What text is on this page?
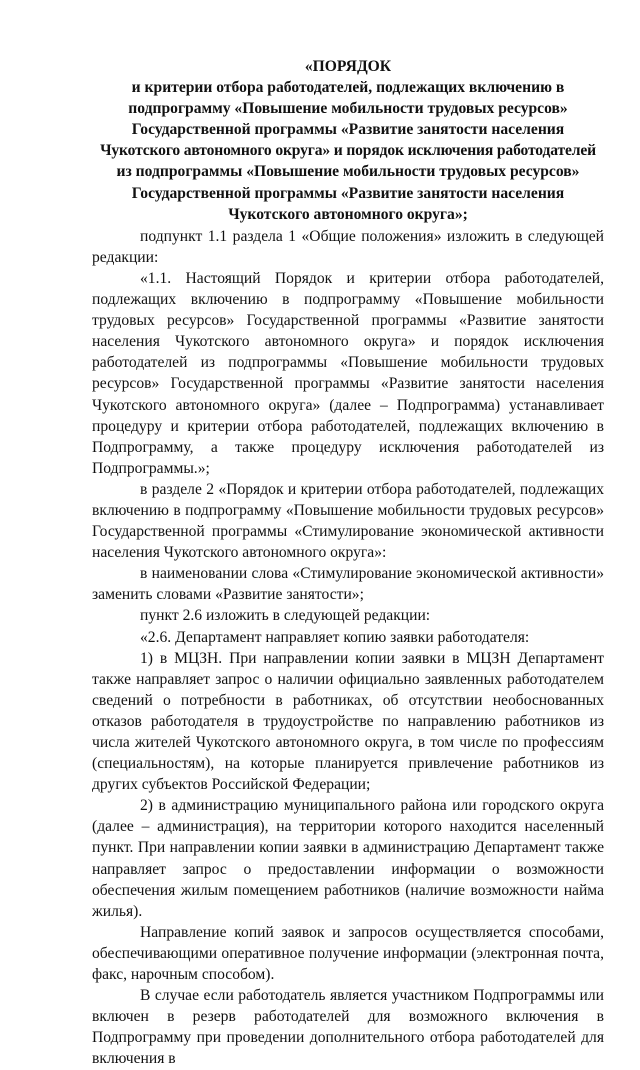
«ПОРЯДОК
и критерии отбора работодателей, подлежащих включению в
подпрограмму «Повышение мобильности трудовых ресурсов»
Государственной программы «Развитие занятости населения
Чукотского автономного округа» и порядок исключения работодателей
из подпрограммы «Повышение мобильности трудовых ресурсов»
Государственной программы «Развитие занятости населения
Чукотского автономного округа»;

подпункт 1.1 раздела 1 «Общие положения» изложить в следующей редакции:

«1.1. Настоящий Порядок и критерии отбора работодателей, подлежащих включению в подпрограмму «Повышение мобильности трудовых ресурсов» Государственной программы «Развитие занятости населения Чукотского автономного округа» и порядок исключения работодателей из подпрограммы «Повышение мобильности трудовых ресурсов» Государственной программы «Развитие занятости населения Чукотского автономного округа» (далее – Подпрограмма) устанавливает процедуру и критерии отбора работодателей, подлежащих включению в Подпрограмму, а также процедуру исключения работодателей из Подпрограммы.»;

в разделе 2 «Порядок и критерии отбора работодателей, подлежащих включению в подпрограмму «Повышение мобильности трудовых ресурсов» Государственной программы «Стимулирование экономической активности населения Чукотского автономного округа»:

в наименовании слова «Стимулирование экономической активности» заменить словами «Развитие занятости»;

пункт 2.6 изложить в следующей редакции:

«2.6. Департамент направляет копию заявки работодателя:

1) в МЦЗН. При направлении копии заявки в МЦЗН Департамент также направляет запрос о наличии официально заявленных работодателем сведений о потребности в работниках, об отсутствии необоснованных отказов работодателя в трудоустройстве по направлению работников из числа жителей Чукотского автономного округа, в том числе по профессиям (специальностям), на которые планируется привлечение работников из других субъектов Российской Федерации;

2) в администрацию муниципального района или городского округа (далее – администрация), на территории которого находится населенный пункт. При направлении копии заявки в администрацию Департамент также направляет запрос о предоставлении информации о возможности обеспечения жилым помещением работников (наличие возможности найма жилья).

Направление копий заявок и запросов осуществляется способами, обеспечивающими оперативное получение информации (электронная почта, факс, нарочным способом).

В случае если работодатель является участником Подпрограммы или включен в резерв работодателей для возможного включения в Подпрограмму при проведении дополнительного отбора работодателей для включения в
